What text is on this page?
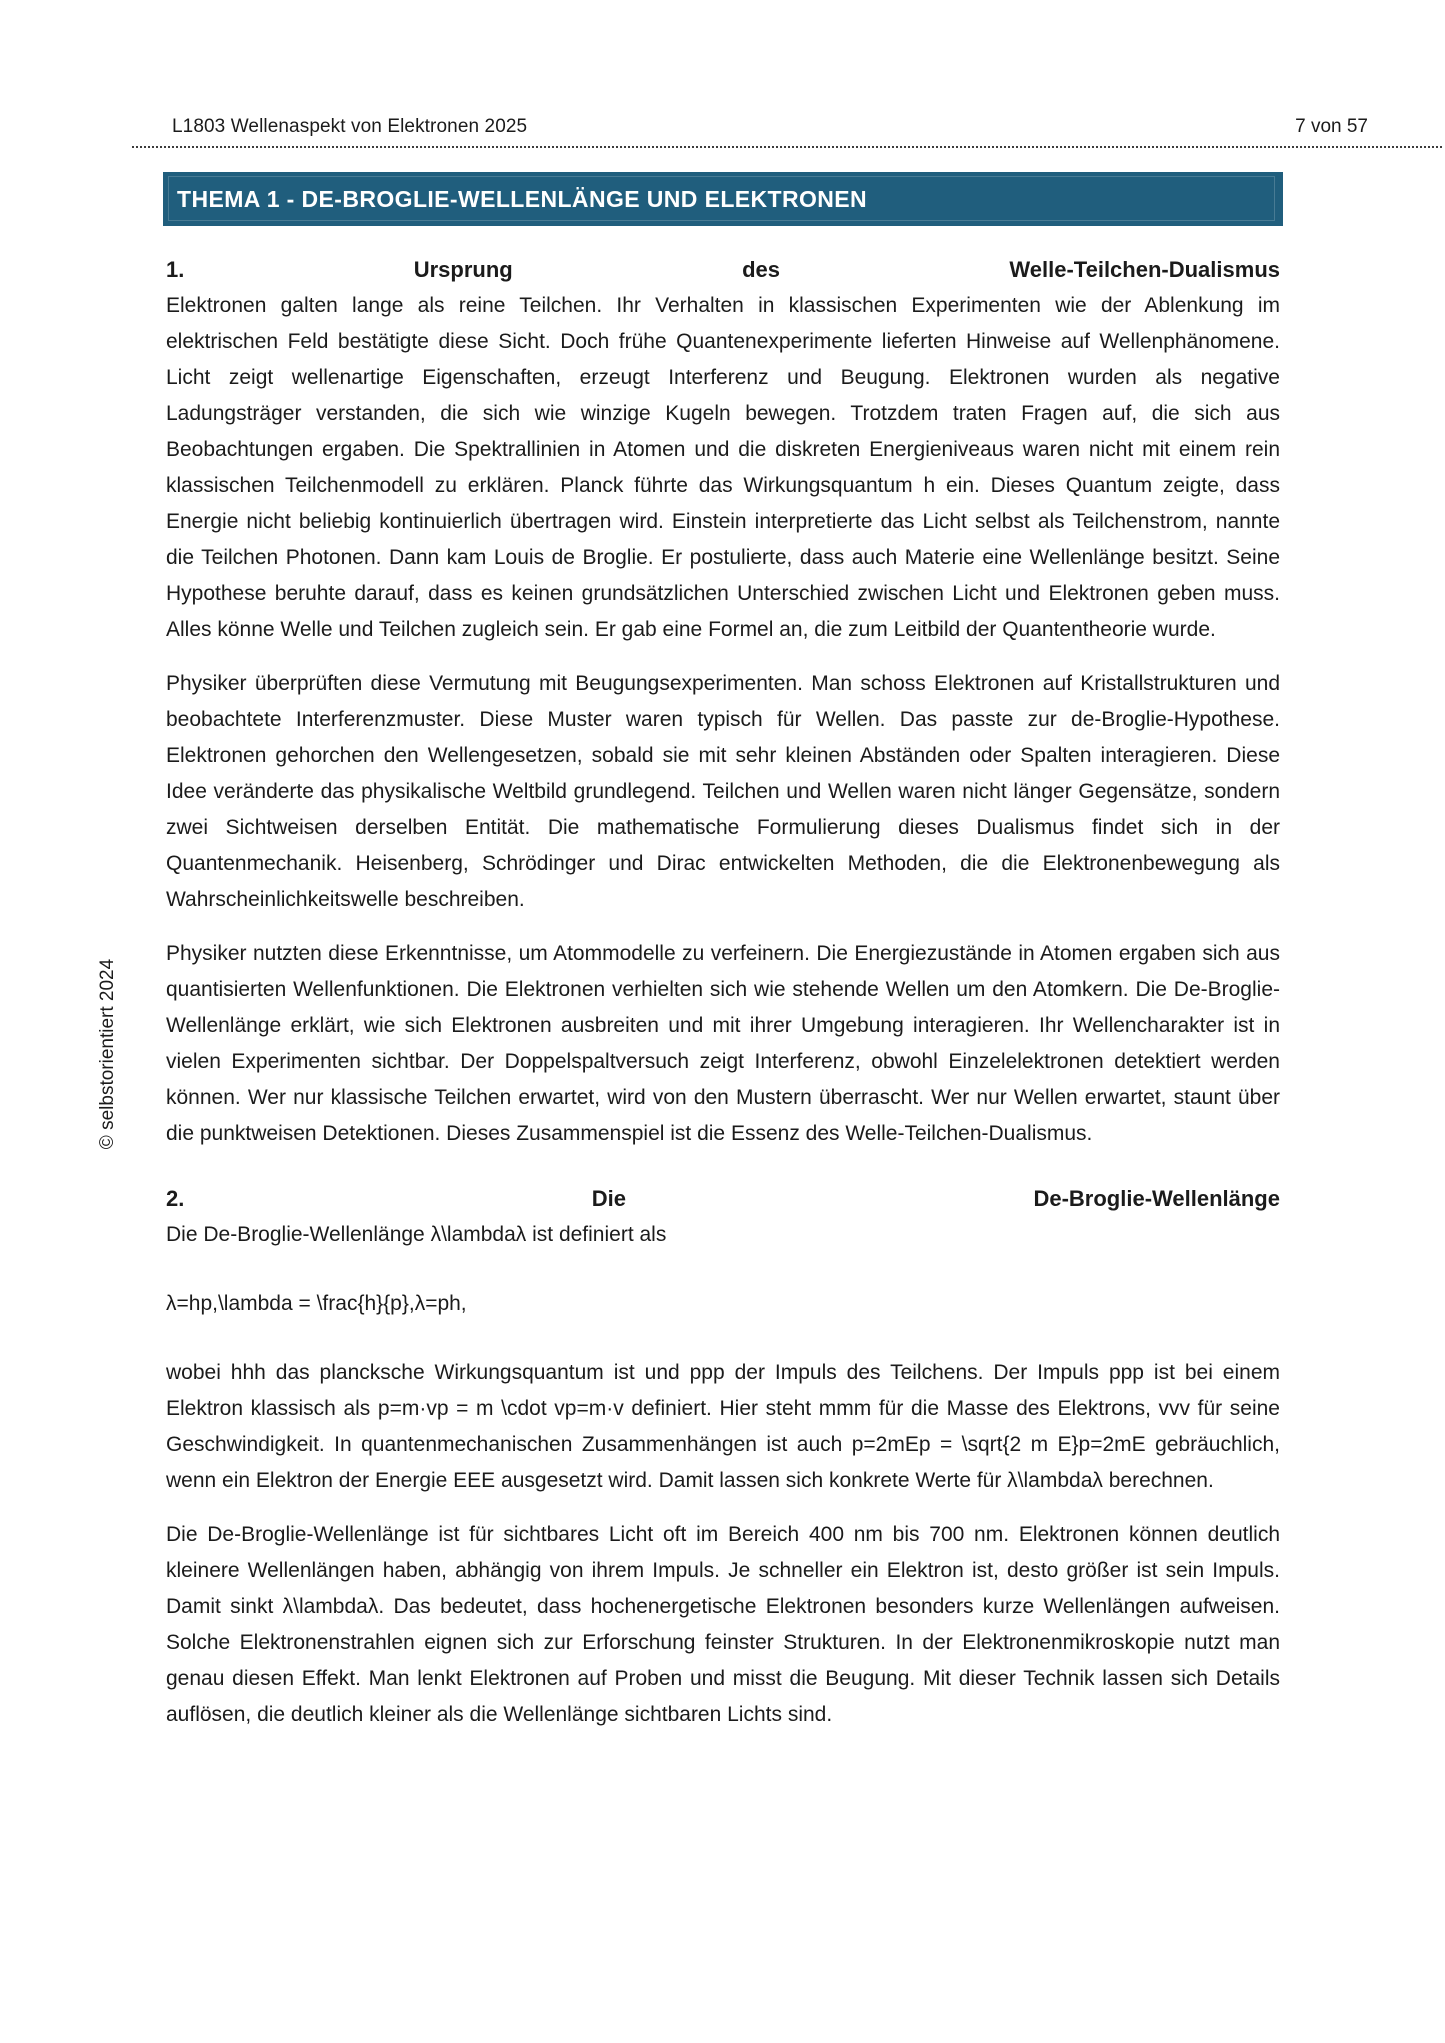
L1803 Wellenaspekt von Elektronen 2025	7 von 57
THEMA 1 - DE-BROGLIE-WELLENLÄNGE UND ELEKTRONEN
© selbstorientiert 2024
1.	Ursprung	des	Welle-Teilchen-Dualismus

Elektronen galten lange als reine Teilchen. Ihr Verhalten in klassischen Experimenten wie der Ablenkung im elektrischen Feld bestätigte diese Sicht. Doch frühe Quantenexperimente lieferten Hinweise auf Wellenphänomene. Licht zeigt wellenartige Eigenschaften, erzeugt Interferenz und Beugung. Elektronen wurden als negative Ladungsträger verstanden, die sich wie winzige Kugeln bewegen. Trotzdem traten Fragen auf, die sich aus Beobachtungen ergaben. Die Spektrallinien in Atomen und die diskreten Energieniveaus waren nicht mit einem rein klassischen Teilchenmodell zu erklären. Planck führte das Wirkungsquantum h ein. Dieses Quantum zeigte, dass Energie nicht beliebig kontinuierlich übertragen wird. Einstein interpretierte das Licht selbst als Teilchenstrom, nannte die Teilchen Photonen. Dann kam Louis de Broglie. Er postulierte, dass auch Materie eine Wellenlänge besitzt. Seine Hypothese beruhte darauf, dass es keinen grundsätzlichen Unterschied zwischen Licht und Elektronen geben muss. Alles könne Welle und Teilchen zugleich sein. Er gab eine Formel an, die zum Leitbild der Quantentheorie wurde.

Physiker überprüften diese Vermutung mit Beugungsexperimenten. Man schoss Elektronen auf Kristallstrukturen und beobachtete Interferenzmuster. Diese Muster waren typisch für Wellen. Das passte zur de-Broglie-Hypothese. Elektronen gehorchen den Wellengesetzen, sobald sie mit sehr kleinen Abständen oder Spalten interagieren. Diese Idee veränderte das physikalische Weltbild grundlegend. Teilchen und Wellen waren nicht länger Gegensätze, sondern zwei Sichtweisen derselben Entität. Die mathematische Formulierung dieses Dualismus findet sich in der Quantenmechanik. Heisenberg, Schrödinger und Dirac entwickelten Methoden, die die Elektronenbewegung als Wahrscheinlichkeitswelle beschreiben.

Physiker nutzten diese Erkenntnisse, um Atommodelle zu verfeinern. Die Energiezustände in Atomen ergaben sich aus quantisierten Wellenfunktionen. Die Elektronen verhielten sich wie stehende Wellen um den Atomkern. Die De-Broglie-Wellenlänge erklärt, wie sich Elektronen ausbreiten und mit ihrer Umgebung interagieren. Ihr Wellencharakter ist in vielen Experimenten sichtbar. Der Doppelspaltversuch zeigt Interferenz, obwohl Einzelelektronen detektiert werden können. Wer nur klassische Teilchen erwartet, wird von den Mustern überrascht. Wer nur Wellen erwartet, staunt über die punktweisen Detektionen. Dieses Zusammenspiel ist die Essenz des Welle-Teilchen-Dualismus.

2.	Die	De-Broglie-Wellenlänge

Die De-Broglie-Wellenlänge λ\lambdaλ ist definiert als

λ=hp,\lambda = \frac{h}{p},λ=ph,

wobei hhh das plancksche Wirkungsquantum ist und ppp der Impuls des Teilchens. Der Impuls ppp ist bei einem Elektron klassisch als p=m·vp = m \cdot vp=m·v definiert. Hier steht mmm für die Masse des Elektrons, vvv für seine Geschwindigkeit. In quantenmechanischen Zusammenhängen ist auch p=2mEp = \sqrt{2 m E}p=2mE gebräuchlich, wenn ein Elektron der Energie EEE ausgesetzt wird. Damit lassen sich konkrete Werte für λ\lambdaλ berechnen.

Die De-Broglie-Wellenlänge ist für sichtbares Licht oft im Bereich 400 nm bis 700 nm. Elektronen können deutlich kleinere Wellenlängen haben, abhängig von ihrem Impuls. Je schneller ein Elektron ist, desto größer ist sein Impuls. Damit sinkt λ\lambdaλ. Das bedeutet, dass hochenergetische Elektronen besonders kurze Wellenlängen aufweisen. Solche Elektronenstrahlen eignen sich zur Erforschung feinster Strukturen. In der Elektronenmikroskopie nutzt man genau diesen Effekt. Man lenkt Elektronen auf Proben und misst die Beugung. Mit dieser Technik lassen sich Details auflösen, die deutlich kleiner als die Wellenlänge sichtbaren Lichts sind.
